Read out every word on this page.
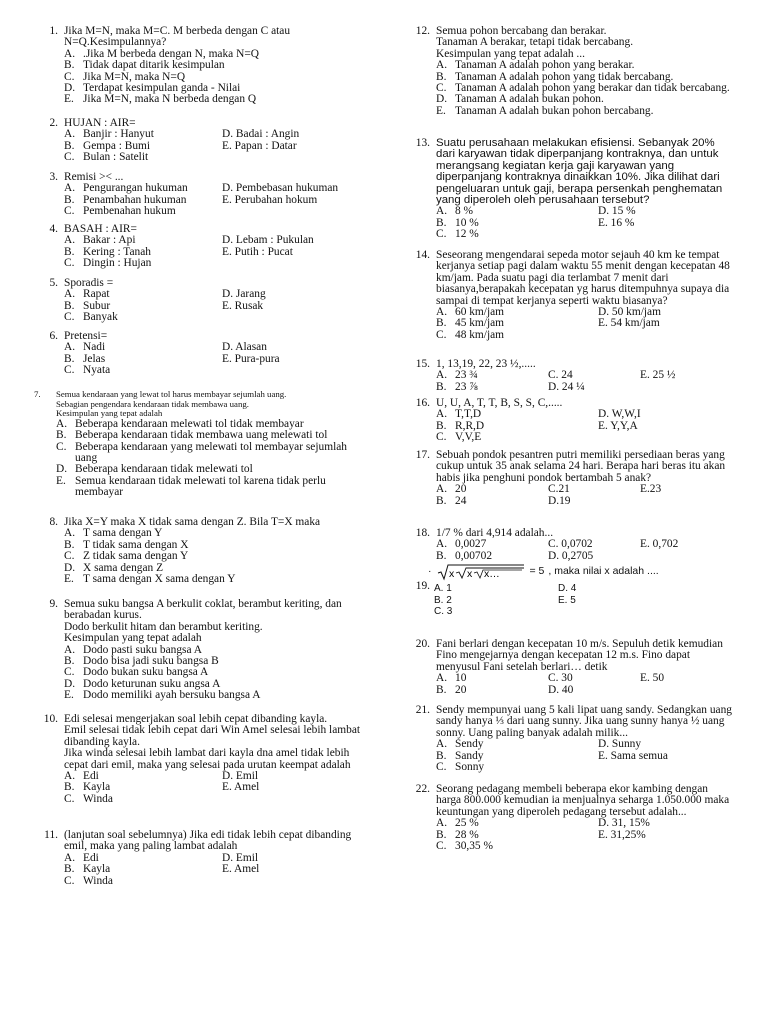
1. Jika M=N, maka M=C. M berbeda dengan C atau
N=Q.Kesimpulannya?
A. .Jika M berbeda dengan N, maka N=Q
B. Tidak dapat ditarik kesimpulan
C. Jika M=N, maka N=Q
D. Terdapat kesimpulan ganda - Nilai
E. Jika M=N, maka N berbeda dengan Q
2. HUJAN : AIR=
A. Banjir : Hanyut	D. Badai : Angin
B. Gempa : Bumi	E. Papan : Datar
C. Bulan : Satelit
3. Remisi >< ...
A. Pengurangan hukuman	D. Pembebasan hukuman
B. Penambahan hukuman	E. Perubahan hokum
C. Pembenahan hukum
4. BASAH : AIR=
A. Bakar : Api	D. Lebam : Pukulan
B. Kering : Tanah	E. Putih : Pucat
C. Dingin : Hujan
5. Sporadis =
A. Rapat	D. Jarang
B. Subur	E. Rusak
C. Banyak
6. Pretensi=
A. Nadi	D. Alasan
B. Jelas	E. Pura-pura
C. Nyata
7.	Semua kendaraan yang lewat tol harus membayar sejumlah uang.
Sebagian pengendara kendaraan tidak membawa uang.
Kesimpulan yang tepat adalah
A. Beberapa kendaraan melewati tol tidak membayar
B. Beberapa kendaraan tidak membawa uang melewati tol
C. Beberapa kendaraan yang melewati tol membayar sejumlah uang
D. Beberapa kendaraan tidak melewati tol
E. Semua kendaraan tidak melewati tol karena tidak perlu membayar
8. Jika X=Y maka X tidak sama dengan Z. Bila T=X maka
A. T sama dengan Y
B. T tidak sama dengan X
C. Z tidak sama dengan Y
D. X sama dengan Z
E. T sama dengan X sama dengan Y
9. Semua suku bangsa A berkulit coklat, berambut keriting, dan berabadan kurus.
Dodo berkulit hitam dan berambut keriting.
Kesimpulan yang tepat adalah
A. Dodo pasti suku bangsa A
B. Dodo bisa jadi suku bangsa B
C. Dodo bukan suku bangsa A
D. Dodo keturunan suku angsa A
E. Dodo memiliki ayah bersuku bangsa A
10. Edi selesai mengerjakan soal lebih cepat dibanding kayla.
Emil selesai tidak lebih cepat dari Win Amel selesai lebih lambat dibanding kayla.
Jika winda selesai lebih lambat dari kayla dna amel tidak lebih cepat dari emil, maka yang selesai pada urutan keempat adalah
A. Edi	D. Emil
B. Kayla	E. Amel
C. Winda
11. (lanjutan soal sebelumnya) Jika edi tidak lebih cepat dibanding emil, maka yang paling lambat adalah
A. Edi	D. Emil
B. Kayla	E. Amel
C. Winda
12. Semua pohon bercabang dan berakar.
Tanaman A berakar, tetapi tidak bercabang.
Kesimpulan yang tepat adalah ...
A. Tanaman A adalah pohon yang berakar.
B. Tanaman A adalah pohon yang tidak bercabang.
C. Tanaman A adalah pohon yang berakar dan tidak bercabang.
D. Tanaman A adalah bukan pohon.
E. Tanaman A adalah bukan pohon bercabang.
13. Suatu perusahaan melakukan efisiensi. Sebanyak 20% dari karyawan tidak diperpanjang kontraknya, dan untuk merangsang kegiatan kerja gaji karyawan yang diperpanjang kontraknya dinaikkan 10%. Jika dilihat dari pengeluaran untuk gaji, berapa persenkah penghematan yang diperoleh oleh perusahaan tersebut?
A. 8 %	D. 15 %
B. 10 %	E. 16 %
C. 12 %
14. Seseorang mengendarai sepeda motor sejauh 40 km ke tempat kerjanya setiap pagi dalam waktu 55 menit dengan kecepatan 48 km/jam. Pada suatu pagi dia terlambat 7 menit dari biasanya,berapakah kecepatan yg harus ditempuhnya supaya dia sampai di tempat kerjanya seperti waktu biasanya?
A. 60 km/jam	D. 50 km/jam
B. 45 km/jam	E. 54 km/jam
C. 48 km/jam
15. 1, 13,19, 22, 23 ½,.....
A. 23 ¾	C. 24	E. 25 ½
B. 23 ⅞	D. 24 ¼
16. U, U, A, T, T, B, S, S, C,.....
A. T,T,D	D. W,W,I
B. R,R,D	E. Y,Y,A
C. V,V,E
17. Sebuah pondok pesantren putri memiliki persediaan beras yang cukup untuk 35 anak selama 24 hari. Berapa hari beras itu akan habis jika penghuni pondok bertambah 5 anak?
A. 20	C.21	E.23
B. 24	D.19
18. 1/7 % dari 4,914 adalah...
A. 0,0027	C. 0,0702	E. 0,702
B. 0,00702	D. 0,2705
19.
· x x x…	= 5 , maka nilai x adalah ....
A. 1	D. 4
B. 2	E. 5
C. 3
20. Fani berlari dengan kecepatan 10 m/s. Sepuluh detik kemudian Fino mengejarnya dengan kecepatan 12 m.s. Fino dapat menyusul Fani setelah berlari… detik
A. 10	C. 30	E. 50
B. 20	D. 40
21. Sendy mempunyai uang 5 kali lipat uang sandy. Sedangkan uang sandy hanya ⅓ dari uang sunny. Jika uang sunny hanya ½ uang sonny. Uang paling banyak adalah milik...
A. Sendy	D. Sunny
B. Sandy	E. Sama semua
C. Sonny
22. Seorang pedagang membeli beberapa ekor kambing dengan harga 800.000 kemudian ia menjualnya seharga 1.050.000 maka keuntungan yang diperoleh pedagang tersebut adalah...
A. 25 %	D. 31, 15%
B. 28 %	E. 31,25%
C. 30,35 %
